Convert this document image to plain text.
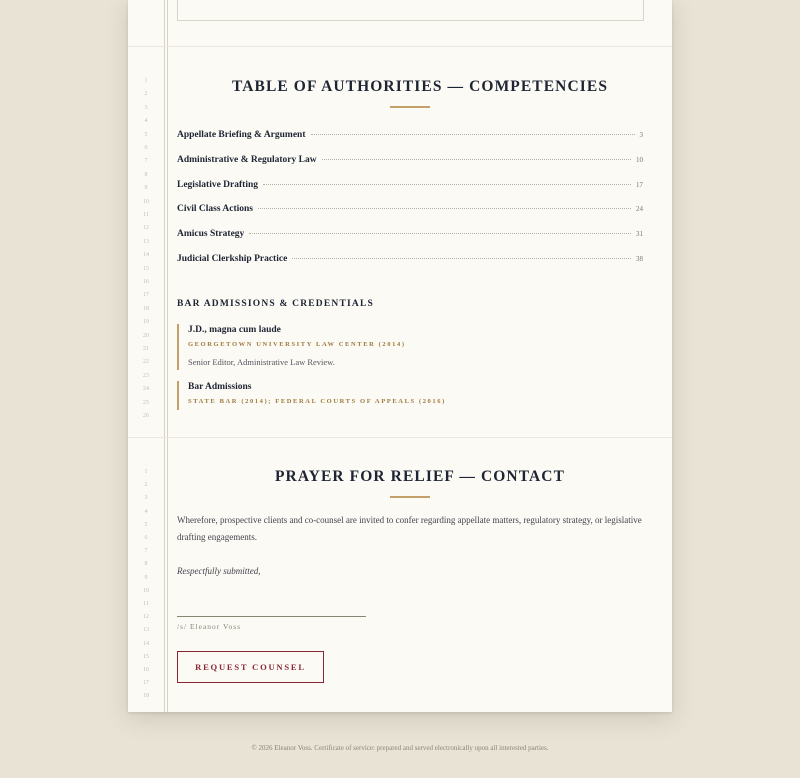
1
2
3
4
5
6
7
8
9
10
11
12
13
14
15
16
17
18
19
20
21
22
23
24
25
26
TABLE OF AUTHORITIES — COMPETENCIES
Appellate Briefing & Argument	3
Administrative & Regulatory Law	10
Legislative Drafting	17
Civil Class Actions	24
Amicus Strategy	31
Judicial Clerkship Practice	38
BAR ADMISSIONS & CREDENTIALS
J.D., magna cum laude
GEORGETOWN UNIVERSITY LAW CENTER (2014)
Senior Editor, Administrative Law Review.
Bar Admissions
STATE BAR (2014); FEDERAL COURTS OF APPEALS (2016)
1
2
3
4
5
6
7
8
9
10
11
12
13
14
15
16
17
18
PRAYER FOR RELIEF — CONTACT
Wherefore, prospective clients and co-counsel are invited to confer regarding appellate matters, regulatory strategy, or legislative drafting engagements.
Respectfully submitted,
/s/ Eleanor Voss
REQUEST COUNSEL
© 2026 Eleanor Voss. Certificate of service: prepared and served electronically upon all interested parties.
